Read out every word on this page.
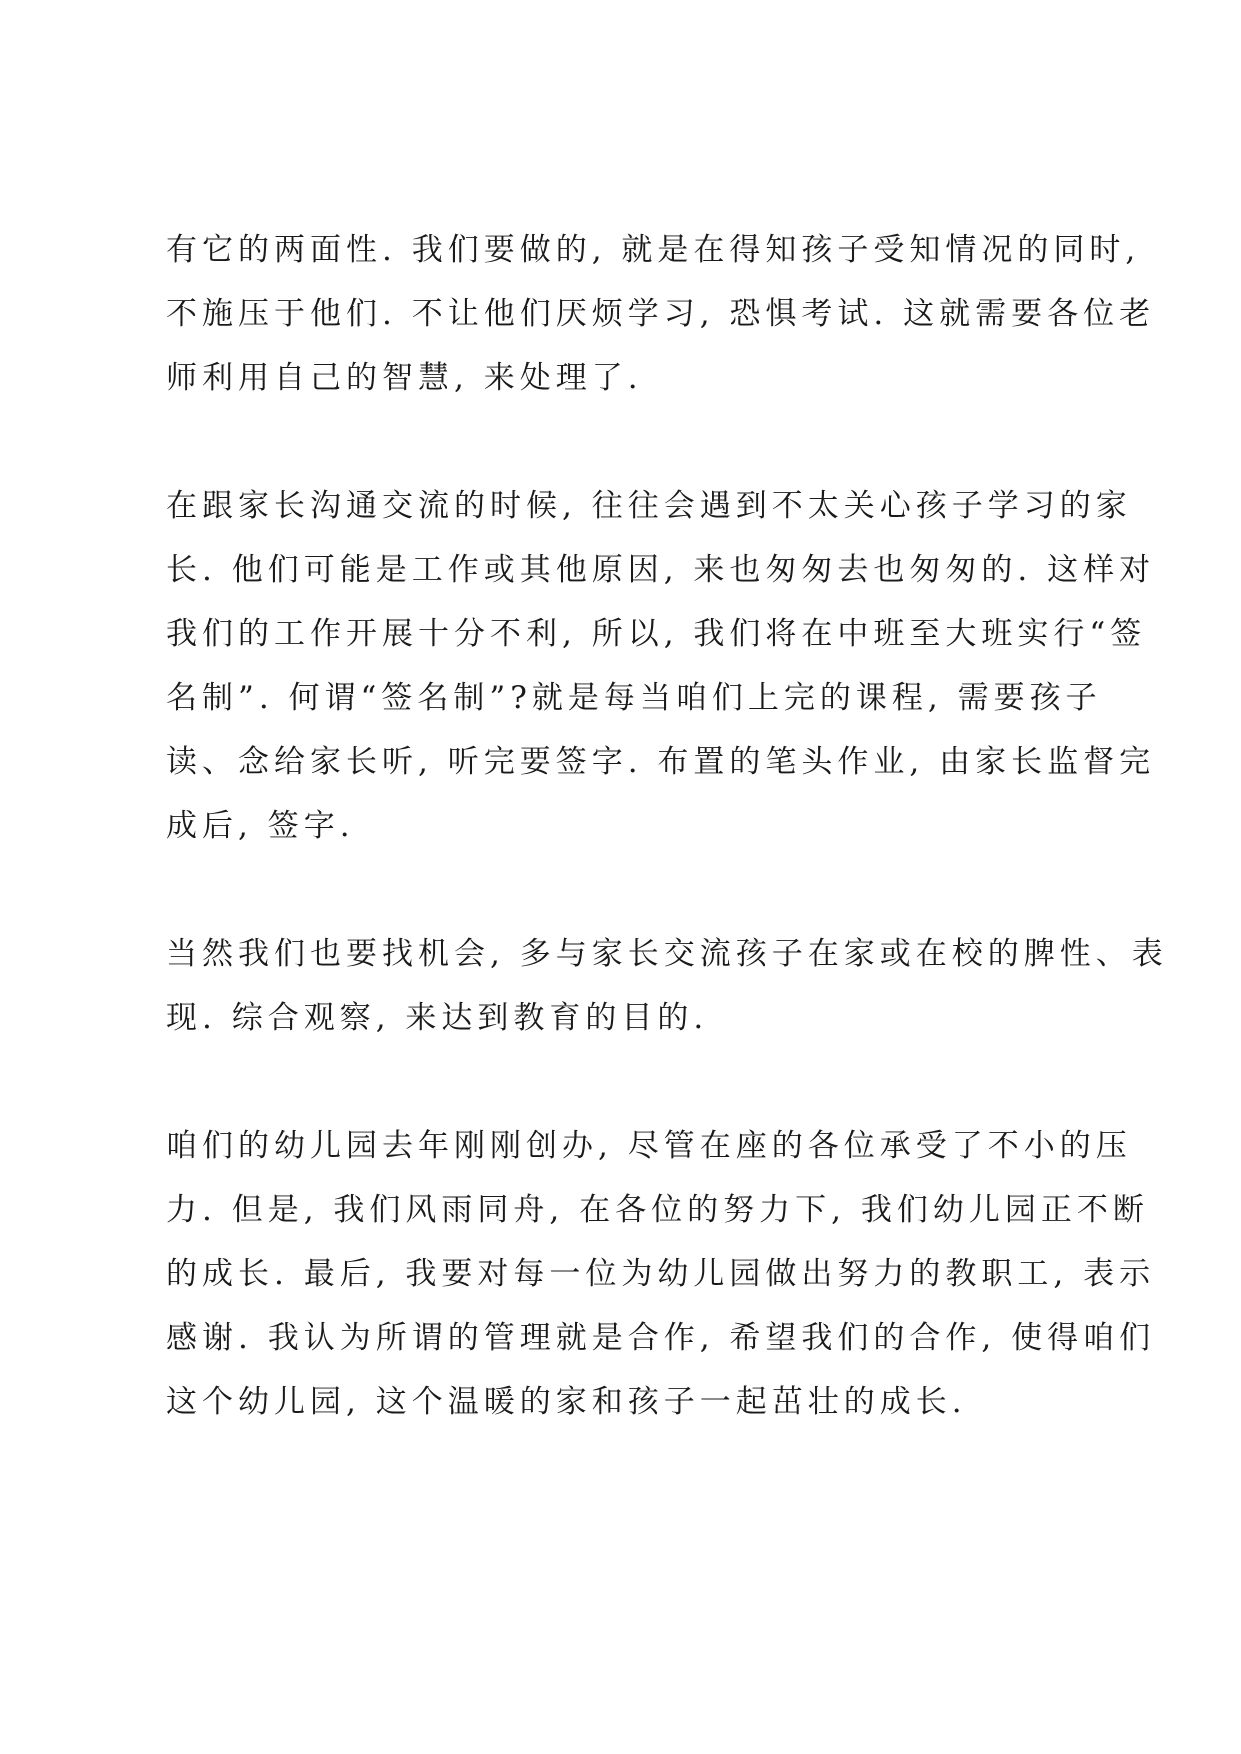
有它的两面性. 我们要做的, 就是在得知孩子受知情况的同时,
不施压于他们. 不让他们厌烦学习, 恐惧考试. 这就需要各位老
师利用自己的智慧, 来处理了.
在跟家长沟通交流的时候, 往往会遇到不太关心孩子学习的家
长. 他们可能是工作或其他原因, 来也匆匆去也匆匆的. 这样对
我们的工作开展十分不利, 所以, 我们将在中班至大班实行“签
名制”. 何谓“签名制”?就是每当咱们上完的课程, 需要孩子
读、念给家长听, 听完要签字. 布置的笔头作业, 由家长监督完
成后, 签字.
当然我们也要找机会, 多与家长交流孩子在家或在校的脾性、表
现. 综合观察, 来达到教育的目的.
咱们的幼儿园去年刚刚创办, 尽管在座的各位承受了不小的压
力. 但是, 我们风雨同舟, 在各位的努力下, 我们幼儿园正不断
的成长. 最后, 我要对每一位为幼儿园做出努力的教职工, 表示
感谢. 我认为所谓的管理就是合作, 希望我们的合作, 使得咱们
这个幼儿园, 这个温暖的家和孩子一起茁壮的成长.
